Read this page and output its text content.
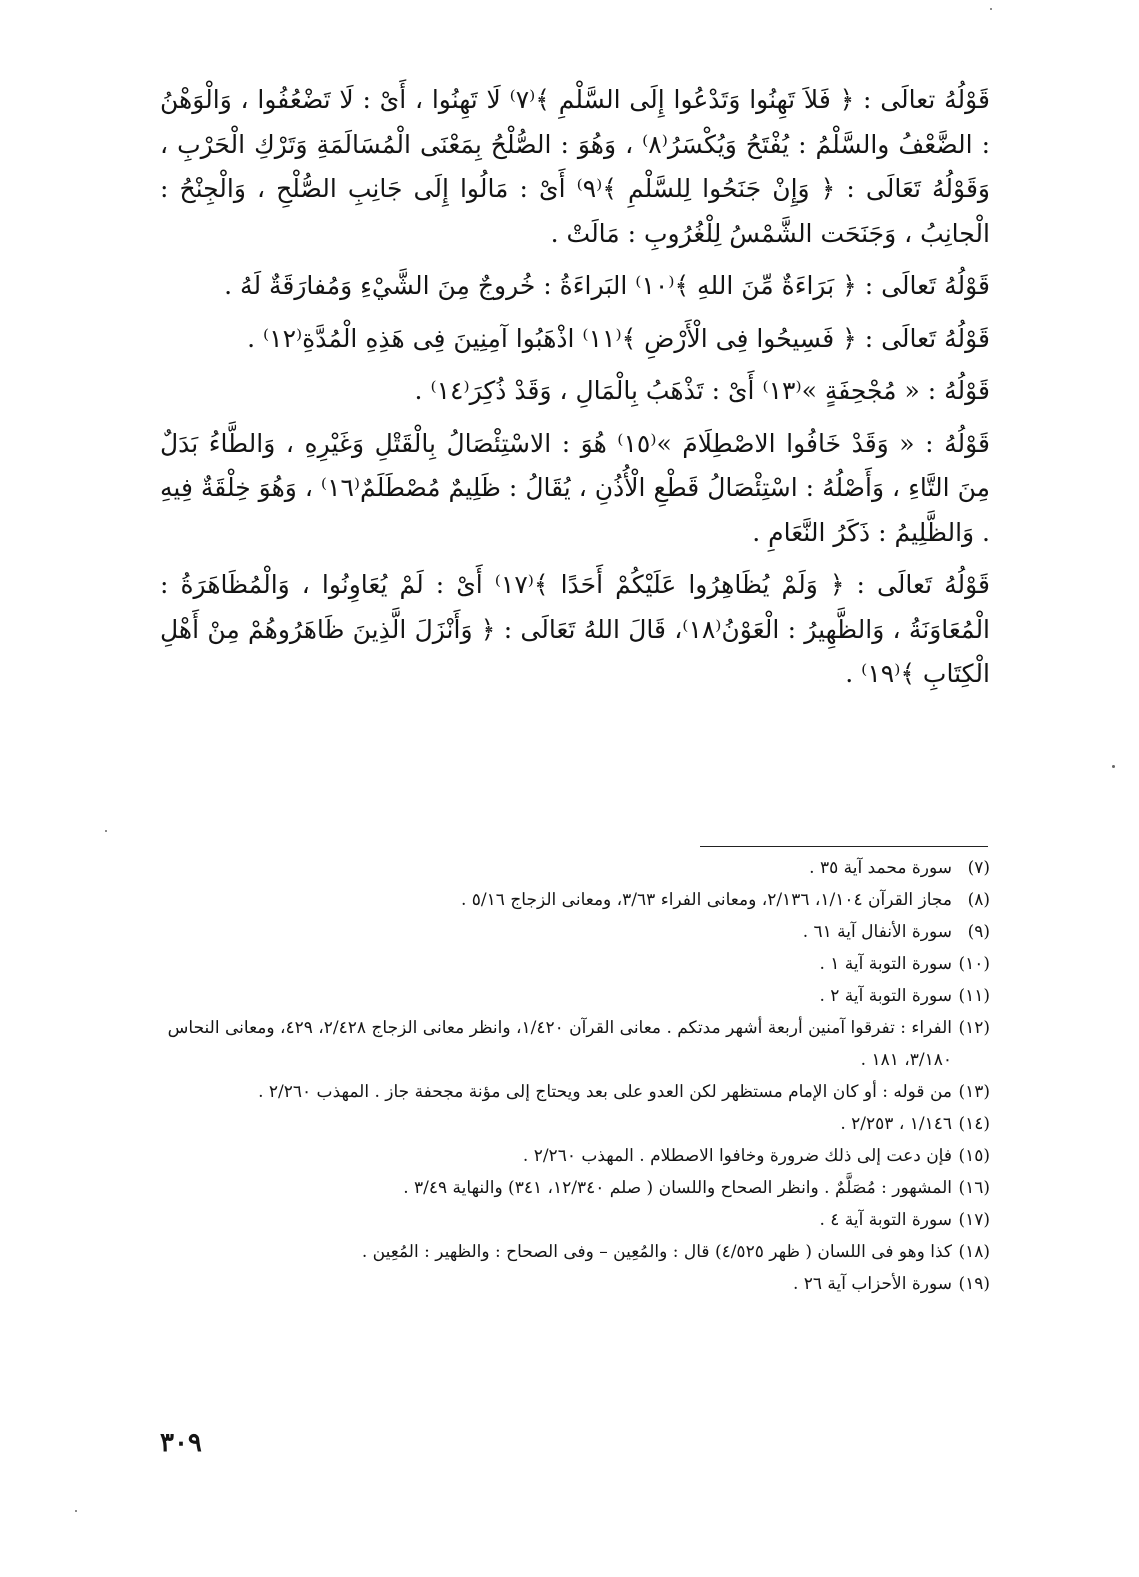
قَوْلُهُ تعالَى : ﴿ فَلاَ تَهِنُوا وَتَدْعُوا إِلَى السَّلْمِ ﴾⁽٧⁾ لَا تَهِنُوا ، أَىْ : لَا تَضْعُفُوا ، وَالْوَهْنُ : الضَّعْفُ والسَّلْمُ : يُفْتَحُ وَيُكْسَرُ⁽٨⁾ ، وَهُوَ : الصُّلْحُ بِمَعْنَى الْمُسَالَمَةِ وَتَرْكِ الْحَرْبِ ، وَقَوْلُهُ تَعَالَى : ﴿ وَإِنْ جَنَحُوا لِلسَّلْمِ ﴾⁽٩⁾ أَىْ : مَالُوا إِلَى جَانِبِ الصُّلْحِ ، وَالْجِنْحُ : الْجانِبُ ، وَجَنَحَت الشَّمْسُ لِلْغُرُوبِ : مَالَتْ .

قَوْلُهُ تَعالَى : ﴿ بَرَاءَةٌ مِّنَ اللهِ ﴾⁽١٠⁾ البَراءَةُ : خُروجٌ مِنَ الشَّيْءِ وَمُفارَقَةٌ لَهُ .

قَوْلُهُ تَعالَى : ﴿ فَسِيحُوا فِى الْأَرْضِ ﴾⁽١١⁾ اذْهَبُوا آمِنِينَ فِى هَذِهِ الْمُدَّةِ⁽١٢⁾ .

قَوْلُهُ : « مُجْحِفَةٍ »⁽١٣⁾ أَىْ : تَذْهَبُ بِالْمَالِ ، وَقَدْ ذُكِرَ⁽١٤⁾ .

قَوْلُهُ : « وَقَدْ خَافُوا الاصْطِلَامَ »⁽١٥⁾ هُوَ : الاسْتِئْصَالُ بِالْقَتْلِ وَغَيْرِهِ ، وَالطَّاءُ بَدَلٌ مِنَ التَّاءِ ، وَأَصْلُهُ : اسْتِئْصَالُ قَطْعِ الْأُذُنِ ، يُقَالُ : ظَلِيمٌ مُصْطَلَمٌ⁽١٦⁾ ، وَهُوَ خِلْقَةٌ فِيهِ . وَالظَّلِيمُ : ذَكَرُ النَّعَامِ .

قَوْلُهُ تَعالَى : ﴿ وَلَمْ يُظَاهِرُوا عَلَيْكُمْ أَحَدًا ﴾⁽١٧⁾ أَىْ : لَمْ يُعَاوِنُوا ، وَالْمُظَاهَرَةُ : الْمُعَاوَنَةُ ، وَالظَّهِيرُ : الْعَوْنُ⁽١٨⁾، قَالَ اللهُ تَعَالَى : ﴿ وَأَنْزَلَ الَّذِينَ ظَاهَرُوهُمْ مِنْ أَهْلِ الْكِتَابِ ﴾⁽١٩⁾ .

(٧)
سورة محمد آية ٣٥ .
(٨)
مجاز القرآن ١/١٠٤، ٢/١٣٦، ومعانى الفراء ٣/٦٣، ومعانى الزجاج ٥/١٦ .
(٩)
سورة الأنفال آية ٦١ .
(١٠)
سورة التوبة آية ١ .
(١١)
سورة التوبة آية ٢ .
(١٢)
الفراء : تفرقوا آمنين أربعة أشهر مدتكم . معانى القرآن ١/٤٢٠، وانظر معانى الزجاج ٢/٤٢٨، ٤٢٩، ومعانى النحاس ٣/١٨٠، ١٨١ .
(١٣)
من قوله : أو كان الإمام مستظهر لكن العدو على بعد ويحتاج إلى مؤنة مجحفة جاز . المهذب ٢/٢٦٠ .
(١٤)
١/١٤٦ ، ٢/٢٥٣ .
(١٥)
فإن دعت إلى ذلك ضرورة وخافوا الاصطلام . المهذب ٢/٢٦٠ .
(١٦)
المشهور : مُصَلَّمٌ . وانظر الصحاح واللسان ( صلم ١٢/٣٤٠، ٣٤١) والنهاية ٣/٤٩ .
(١٧)
سورة التوبة آية ٤ .
(١٨)
كذا وهو فى اللسان ( ظهر ٤/٥٢٥) قال : والمُعِين – وفى الصحاح : والظهير : المُعِين .
(١٩)
سورة الأحزاب آية ٢٦ .
٣٠٩
